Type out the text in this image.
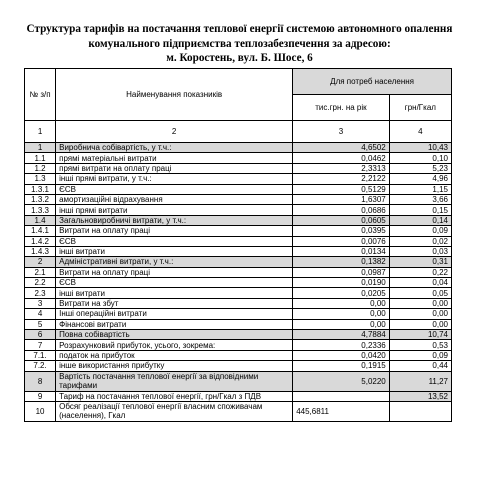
Структура тарифів на постачання теплової енергії системою автономного опалення
комунального підприємства теплозабезпечення за адресою:
м. Коростень, вул. Б. Шосе, 6
№ з/п	Найменування показників	Для потреб населення	
		тис.грн. на рік	грн/Гкал
1	2	3	4
1	Виробнича собівартість, у т.ч.:	4,6502	10,43
1.1	прямі матеріальні витрати	0,0462	0,10
1.2	прямі витрати на оплату праці	2,3313	5,23
1.3	інші прямі витрати, у т.ч.:	2,2122	4,96
1.3.1	ЄСВ	0,5129	1,15
1.3.2	амортизаційні відрахування	1,6307	3,66
1.3.3	інші прямі витрати	0,0686	0,15
1.4	Загальновиробничі витрати, у т.ч.:	0,0605	0,14
1.4.1	Витрати на оплату праці	0,0395	0,09
1.4.2	ЄСВ	0,0076	0,02
1.4.3	інші витрати	0,0134	0,03
2	Адміністративні витрати, у т.ч.:	0,1382	0,31
2.1	Витрати на оплату праці	0,0987	0,22
2.2	ЄСВ	0,0190	0,04
2.3	інші витрати	0,0205	0,05
3	Витрати на збут	0,00	0,00
4	Інші операційні витрати	0,00	0,00
5	Фінансові витрати	0,00	0,00
6	Повна собівартість	4,7884	10,74
7	Розрахунковий прибуток, усього, зокрема:	0,2336	0,53
7.1.	податок на прибуток	0,0420	0,09
7.2.	інше використання прибутку	0,1915	0,44
8	Вартість постачання теплової енергії за відповідними тарифами	5,0220	11,27
9	Тариф на постачання теплової енергії, грн/Гкал з ПДВ		13,52
10	Обсяг реалізації теплової енергії власним споживачам (населення), Гкал	445,6811	
